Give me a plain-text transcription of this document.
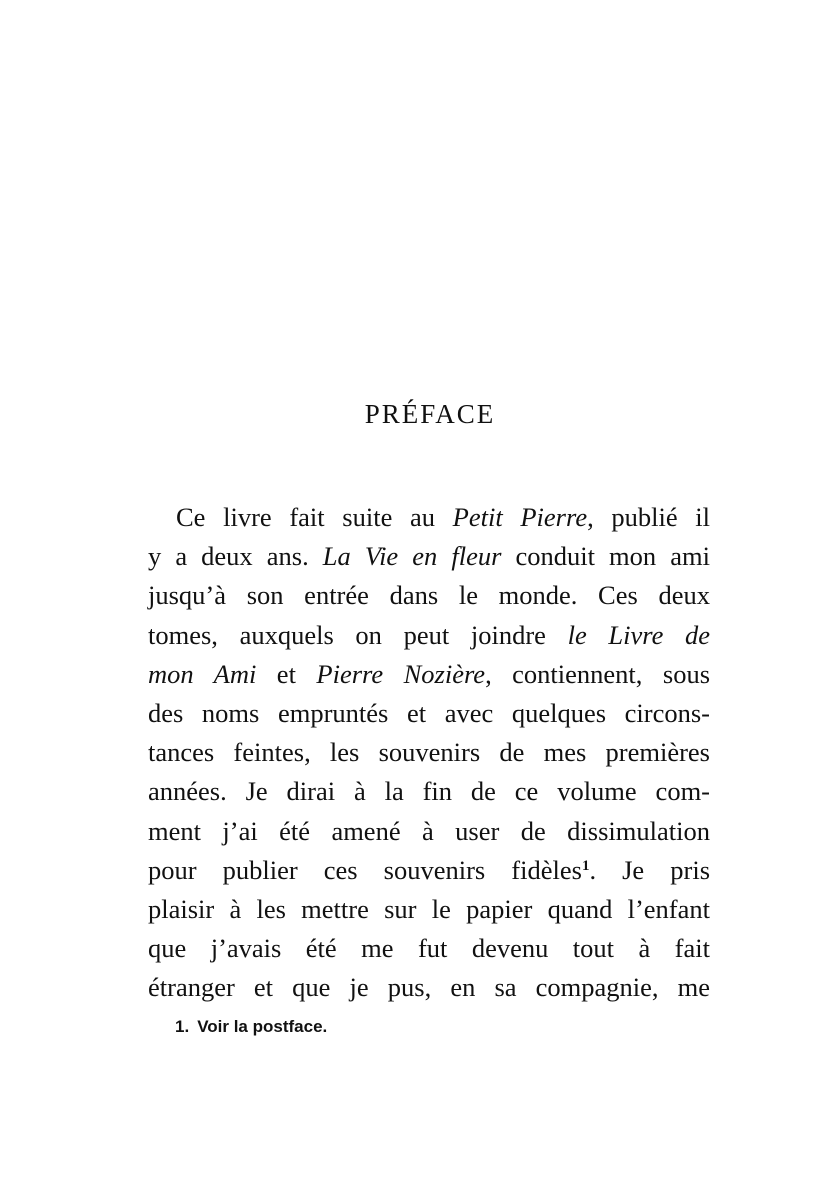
PRÉFACE
Ce livre fait suite au Petit Pierre, publié il
y a deux ans. La Vie en fleur conduit mon ami
jusqu’à son entrée dans le monde. Ces deux
tomes, auxquels on peut joindre le Livre de
mon Ami et Pierre Nozière, contiennent, sous
des noms empruntés et avec quelques circons-
tances feintes, les souvenirs de mes premières
années. Je dirai à la fin de ce volume com-
ment j’ai été amené à user de dissimulation
pour publier ces souvenirs fidèles$^1$. Je pris
plaisir à les mettre sur le papier quand l’enfant
que j’avais été me fut devenu tout à fait
étranger et que je pus, en sa compagnie, me
1. Voir la postface.
